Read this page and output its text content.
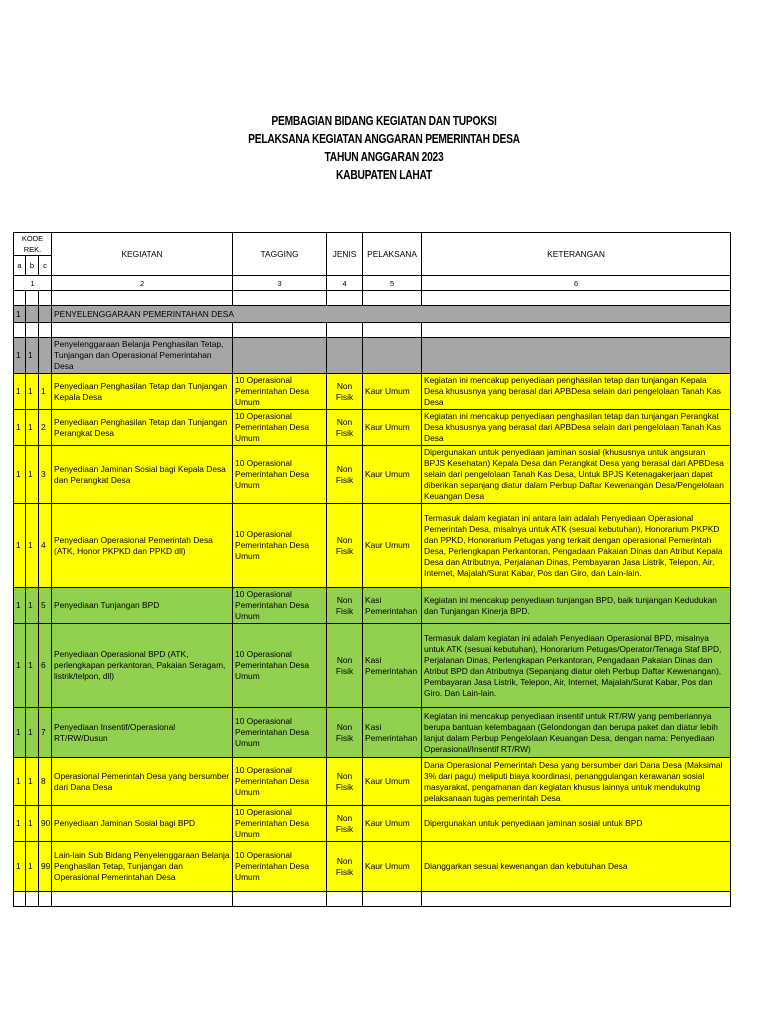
PEMBAGIAN BIDANG KEGIATAN DAN TUPOKSI
PELAKSANA KEGIATAN ANGGARAN PEMERINTAH DESA
TAHUN ANGGARAN 2023
KABUPATEN LAHAT
KODE REK.			KEGIATAN	TAGGING	JENIS	PELAKSANA	KETERANGAN
a	b	c					
1			2	3	4	5	6

1			PENYELENGGARAAN PEMERINTAHAN DESA				

1	1		Penyelenggaraan Belanja Penghasilan Tetap, Tunjangan dan Operasional Pemerintahan Desa				
1	1	1	Penyediaan Penghasilan Tetap dan Tunjangan Kepala Desa	10 Operasional Pemerintahan Desa Umum	Non Fisik	Kaur Umum	Kegiatan ini mencakup penyediaan penghasilan tetap dan tunjangan Kepala Desa khususnya yang berasal dari APBDesa selain dari pengelolaan Tanah Kas Desa
1	1	2	Penyediaan Penghasilan Tetap dan Tunjangan Perangkat Desa	10 Operasional Pemerintahan Desa Umum	Non Fisik	Kaur Umum	Kegiatan ini mencakup penyediaan penghasilan tetap dan tunjangan Perangkat Desa khususnya yang berasal dari APBDesa selain dari pengelolaan Tanah Kas Desa
1	1	3	Penyediaan Jaminan Sosial bagi Kepala Desa dan Perangkat Desa	10 Operasional Pemerintahan Desa Umum	Non Fisik	Kaur Umum	Dipergunakan untuk penyediaan jaminan sosial (khususnya untuk angsuran BPJS Kesehatan) Kepala Desa dan Perangkat Desa yang berasal dari APBDesa selain dari pengelolaan Tanah Kas Desa, Untuk BPJS Ketenagakerjaan dapat diberikan sepanjang diatur dalam Perbup Daftar Kewenangan Desa/Pengelolaan Keuangan Desa
1	1	4	Penyediaan Operasional Pemerintah Desa (ATK, Honor PKPKD dan PPKD dll)	10 Operasional Pemerintahan Desa Umum	Non Fisik	Kaur Umum	Termasuk dalam kegiatan ini antara lain adalah Penyediaan Operasional Pemerintah Desa, misalnya untuk ATK (sesuai kebutuhan), Honorarium PKPKD dan PPKD, Honorarium Petugas yang terkait dengan operasional Pemerintah Desa, Perlengkapan Perkantoran, Pengadaan Pakaian Dinas dan Atribut Kepala Desa dan Atributnya, Perjalanan Dinas, Pembayaran Jasa Listrik, Telepon, Air, Internet, Majalah/Surat Kabar, Pos dan Giro, dan Lain-lain.
1	1	5	Penyediaan Tunjangan BPD	10 Operasional Pemerintahan Desa Umum	Non Fisik	Kasi Pemerintahan	Kegiatan ini mencakup penyediaan tunjangan BPD, baik tunjangan Kedudukan dan Tunjangan Kinerja BPD.
1	1	6	Penyediaan Operasional BPD (ATK, perlengkapan perkantoran, Pakaian Seragam, listrik/telpon, dll)	10 Operasional Pemerintahan Desa Umum	Non Fisik	Kasi Pemerintahan	Termasuk dalam kegiatan ini adalah Penyediaan Operasional BPD, misalnya untuk ATK (sesuai kebutuhan), Honorarium Petugas/Operator/Tenaga Staf BPD, Perjalanan Dinas, Perlengkapan Perkantoran, Pengadaan Pakaian Dinas dan Atribut BPD dan Atributnya (Sepanjang diatur oleh Perbup Daftar Kewenangan), Pembayaran Jasa Listrik, Telepon, Air, Internet, Majalah/Surat Kabar, Pos dan Giro. Dan Lain-lain.
1	1	7	Penyediaan Insentif/Operasional RT/RW/Dusun	10 Operasional Pemerintahan Desa Umum	Non Fisik	Kasi Pemerintahan	Kegiatan ini mencakup penyediaan insentif untuk RT/RW yang pemberiannya berupa bantuan kelembagaan (Gelondongan dan berupa paket dan diatur lebih lanjut dalam Perbup Pengelolaan Keuangan Desa, dengan nama: Penyediaan Operasional/Insentif RT/RW)
1	1	8	Operasional Pemerintah Desa yang bersumber dari Dana Desa	10 Operasional Pemerintahan Desa Umum	Non Fisik	Kaur Umum	Dana Operasional Pemerintah Desa yang bersumber dari Dana Desa (Maksimal 3% dari pagu) meliputi biaya koordinasi, penanggulangan kerawanan sosial masyarakat, pengamanan dan kegiatan khusus lainnya untuk mendukutng pelaksanaan tugas pemerintah Desa
1	1	90	Penyediaan Jaminan Sosial bagi BPD	10 Operasional Pemerintahan Desa Umum	Non Fisik	Kaur Umum	Dipergunakan untuk penyediaan jaminan sosial untuk BPD
1	1	99	Lain-lain Sub Bidang Penyelenggaraan Belanja Penghasilan Tetap, Tunjangan dan Operasional Pemerintahan Desa	10 Operasional Pemerintahan Desa Umum	Non Fisik	Kaur Umum	Dianggarkan sesuai kewenangan dan kebutuhan Desa
